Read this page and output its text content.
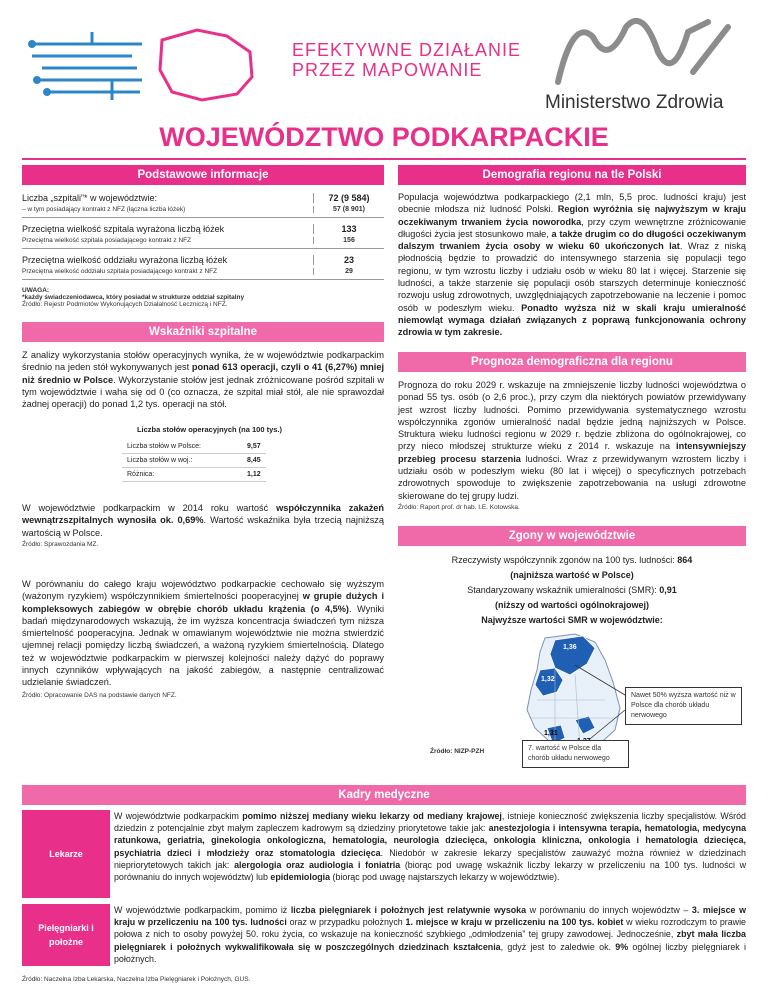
EFEKTYWNE DZIAŁANIE
PRZEZ MAPOWANIE
Ministerstwo Zdrowia
WOJEWÓDZTWO PODKARPACKIE
Podstawowe informacje
Liczba „szpitali”* w województwie:	72 (9 584)
– w tym posiadający kontrakt z NFZ (łączna liczba łóżek)	57 (8 901)
Przeciętna wielkość szpitala wyrażona liczbą łóżek	133
Przeciętna wielkość szpitala posiadającego kontrakt z NFZ	156
Przeciętna wielkość oddziału wyrażona liczbą łóżek	23
Przeciętna wielkość oddziału szpitala posiadającego kontrakt z NFZ	29
UWAGA:
*każdy świadczeniodawca, który posiadał w strukturze oddział szpitalny
Źródło: Rejestr Podmiotów Wykonujących Działalność Leczniczą i NFZ.
Wskaźniki szpitalne
Z analizy wykorzystania stołów operacyjnych wynika, że w województwie podkarpackim średnio na jeden stół wykonywanych jest ponad 613 operacji, czyli o 41 (6,27%) mniej niż średnio w Polsce. Wykorzystanie stołów jest jednak zróżnicowane pośród szpitali w tym województwie i waha się od 0 (co oznacza, że szpital miał stół, ale nie sprawozdał żadnej operacji) do ponad 1,2 tys. operacji na stół.
Liczba stołów operacyjnych (na 100 tys.)
Liczba stołów w Polsce:	9,57
Liczba stołów w woj.:	8,45
Różnica:	1,12
W województwie podkarpackim w 2014 roku wartość współczynnika zakażeń wewnątrzszpitalnych wynosiła ok. 0,69%. Wartość wskaźnika była trzecią najniższą wartością w Polsce.
Źródło: Sprawozdania MZ.
W porównaniu do całego kraju województwo podkarpackie cechowało się wyższym (ważonym ryzykiem) współczynnikiem śmiertelności pooperacyjnej w grupie dużych i kompleksowych zabiegów w obrębie chorób układu krążenia (o 4,5%). Wyniki badań międzynarodowych wskazują, że im wyższa koncentracja świadczeń tym niższa śmiertelność pooperacyjna. Jednak w omawianym województwie nie można stwierdzić ujemnej relacji pomiędzy liczbą świadczeń, a ważoną ryzykiem śmiertelnością. Dlatego też w województwie podkarpackim w pierwszej kolejności należy dążyć do poprawy innych czynników wpływających na jakość zabiegów, a następnie centralizować udzielanie świadczeń.
Źródło: Opracowanie DAS na podstawie danych NFZ.
Demografia regionu na tle Polski
Populacja województwa podkarpackiego (2,1 mln, 5,5 proc. ludności kraju) jest obecnie młodsza niż ludność Polski. Region wyróżnia się najwyższym w kraju oczekiwanym trwaniem życia noworodka, przy czym wewnętrzne zróżnicowanie długości życia jest stosunkowo małe, a także drugim co do długości oczekiwanym dalszym trwaniem życia osoby w wieku 60 ukończonych lat. Wraz z niską płodnością będzie to prowadzić do intensywnego starzenia się populacji tego regionu, w tym wzrostu liczby i udziału osób w wieku 80 lat i więcej. Starzenie się ludności, a także starzenie się populacji osób starszych determinuje konieczność rozwoju usług zdrowotnych, uwzględniających zapotrzebowanie na leczenie i pomoc osób w podeszłym wieku. Ponadto wyższa niż w skali kraju umieralność niemowląt wymaga działań związanych z poprawą funkcjonowania ochrony zdrowia w tym zakresie.
Prognoza demograficzna dla regionu
Prognoza do roku 2029 r. wskazuje na zmniejszenie liczby ludności województwa o ponad 55 tys. osób (o 2,6 proc.), przy czym dla niektórych powiatów przewidywany jest wzrost liczby ludności. Pomimo przewidywania systematycznego wzrostu współczynnika zgonów umieralność nadal będzie jedną najniższych w Polsce. Struktura wieku ludności regionu w 2029 r. będzie zbliżona do ogólnokrajowej, co przy nieco młodszej strukturze wieku z 2014 r. wskazuje na intensywniejszy przebieg procesu starzenia ludności. Wraz z przewidywanym wzrostem liczby i udziału osób w podeszłym wieku (80 lat i więcej) o specyficznych potrzebach zdrowotnych spowoduje to zwiększenie zapotrzebowania na usługi zdrowotne skierowane do tej grupy ludzi.
Źródło: Raport prof. dr hab. I.E. Kotowska.
Zgony w województwie
Rzeczywisty współczynnik zgonów na 100 tys. ludności: 864
(najniższa wartość w Polsce)
Standaryzowany wskaźnik umieralności (SMR): 0,91
(niższy od wartości ogólnokrajowej)
Najwyższe wartości SMR w województwie:
1,36
1,32
1,31
Nawet 50% wyższa wartość niż w Polsce dla chorób układu nerwowego
7. wartość w Polsce dla chorób układu nerwowego
Źródło: NIZP-PZH
Kadry medyczne
Lekarze
W województwie podkarpackim pomimo niższej mediany wieku lekarzy od mediany krajowej, istnieje konieczność zwiększenia liczby specjalistów. Wśród dziedzin z potencjalnie zbyt małym zapleczem kadrowym są dziedziny priorytetowe takie jak: anestezjologia i intensywna terapia, hematologia, medycyna ratunkowa, geriatria, ginekologia onkologiczna, hematologia, neurologia dziecięca, onkologia kliniczna, onkologia i hematologia dziecięca, psychiatria dzieci i młodzieży oraz stomatologia dziecięca. Niedobór w zakresie lekarzy specjalistów zauważyć można również w dziedzinach niepriorytetowych takich jak: alergologia oraz audiologia i foniatria (biorąc pod uwagę wskaźnik liczby lekarzy w przeliczeniu na 100 tys. ludności w porównaniu do innych województw) lub epidemiologia (biorąc pod uwagę najstarszych lekarzy w województwie).
Pielęgniarki i położne
W województwie podkarpackim, pomimo iż liczba pielęgniarek i położnych jest relatywnie wysoka w porównaniu do innych województw – 3. miejsce w kraju w przeliczeniu na 100 tys. ludności oraz w przypadku położnych 1. miejsce w kraju w przeliczeniu na 100 tys. kobiet w wieku rozrodczym to prawie połowa z nich to osoby powyżej 50. roku życia, co wskazuje na konieczność szybkiego „odmłodzenia” tej grupy zawodowej. Jednocześnie, zbyt mała liczba pielęgniarek i położnych wykwalifikowała się w poszczególnych dziedzinach kształcenia, gdyż jest to zaledwie ok. 9% ogólnej liczby pielęgniarek i położnych.
Źródło: Naczelna Izba Lekarska, Naczelna Izba Pielęgniarek i Położnych, GUS.
